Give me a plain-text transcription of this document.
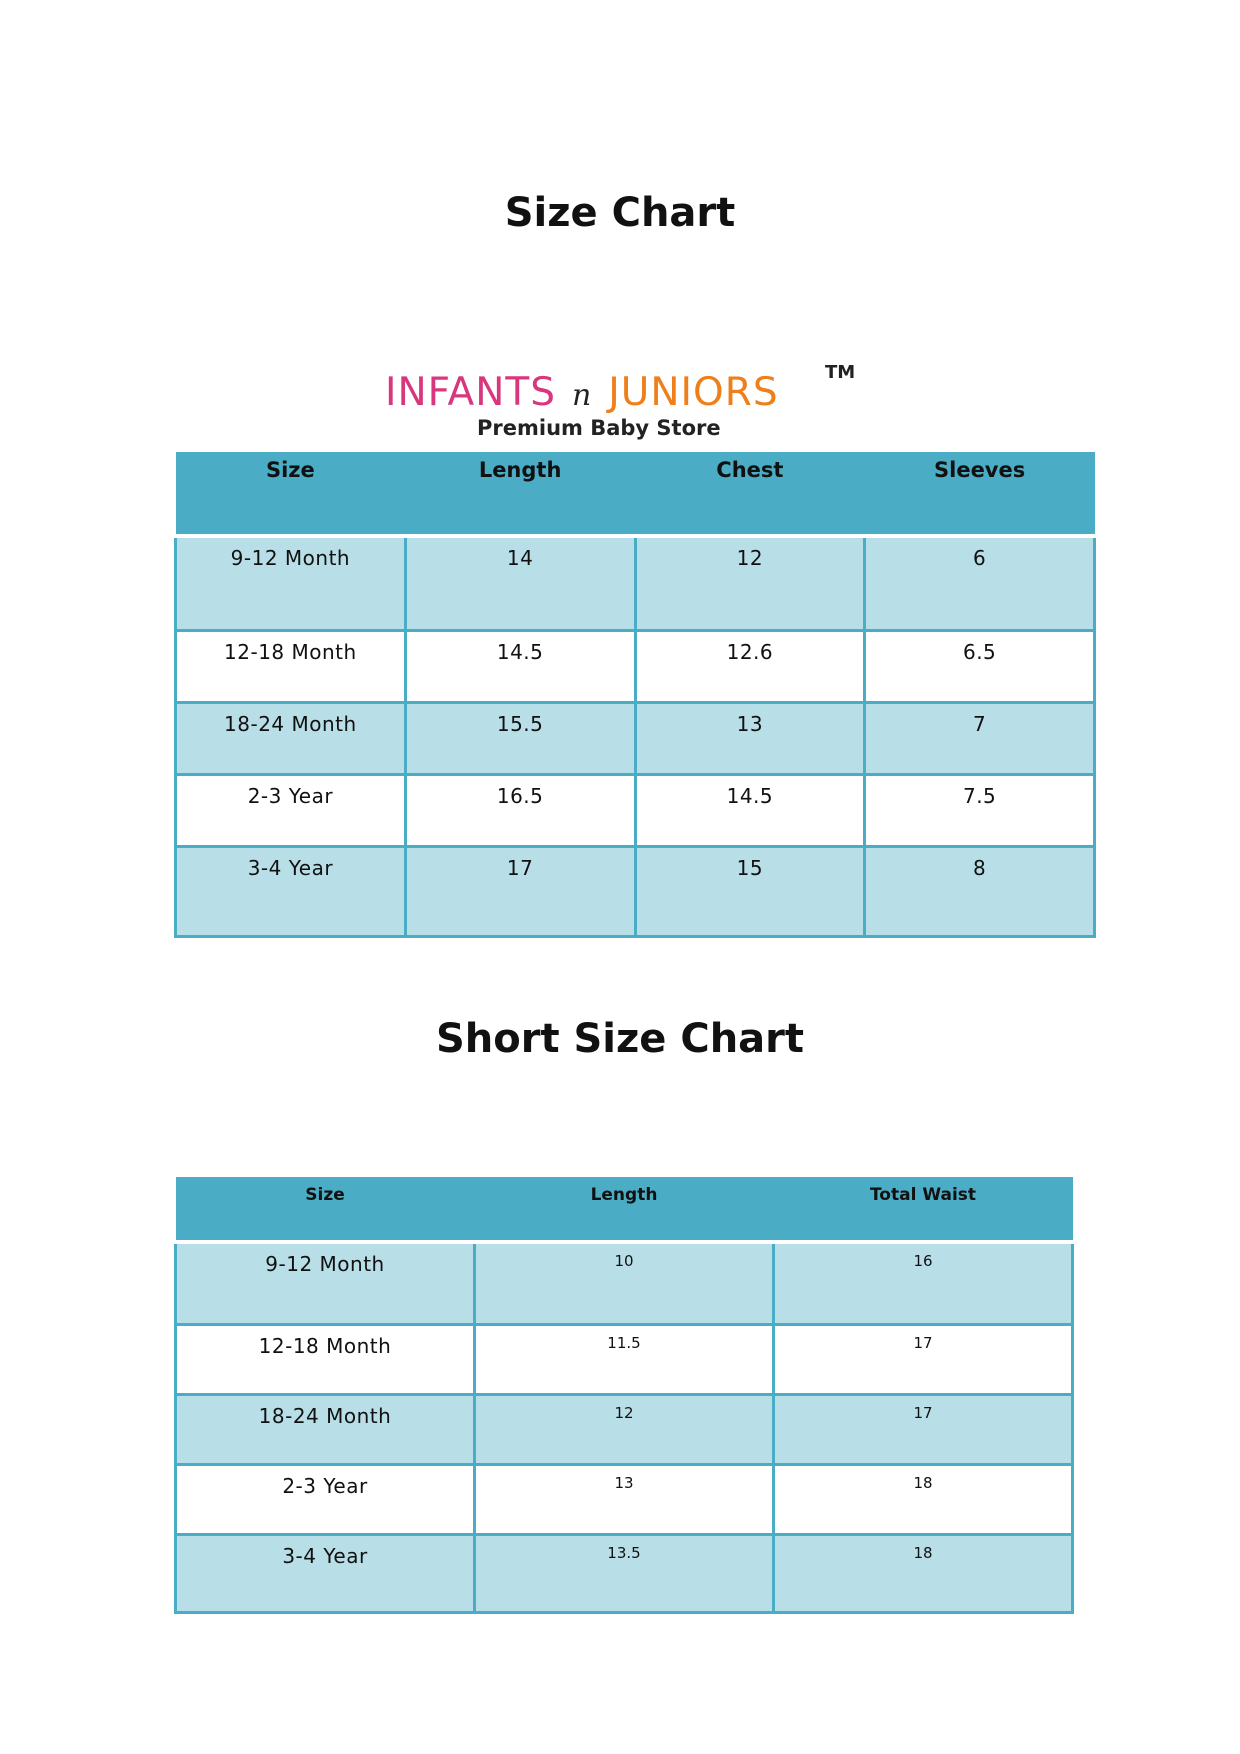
Size Chart
INFANTS n JUNIORS	TM
Premium Baby Store
Size	Length	Chest	Sleeves
9-12 Month	14	12	6
12-18 Month	14.5	12.6	6.5
18-24 Month	15.5	13	7
2-3 Year	16.5	14.5	7.5
3-4 Year	17	15	8
Short Size Chart
Size	Length	Total Waist
9-12 Month	10	16
12-18 Month	11.5	17
18-24 Month	12	17
2-3 Year	13	18
3-4 Year	13.5	18
